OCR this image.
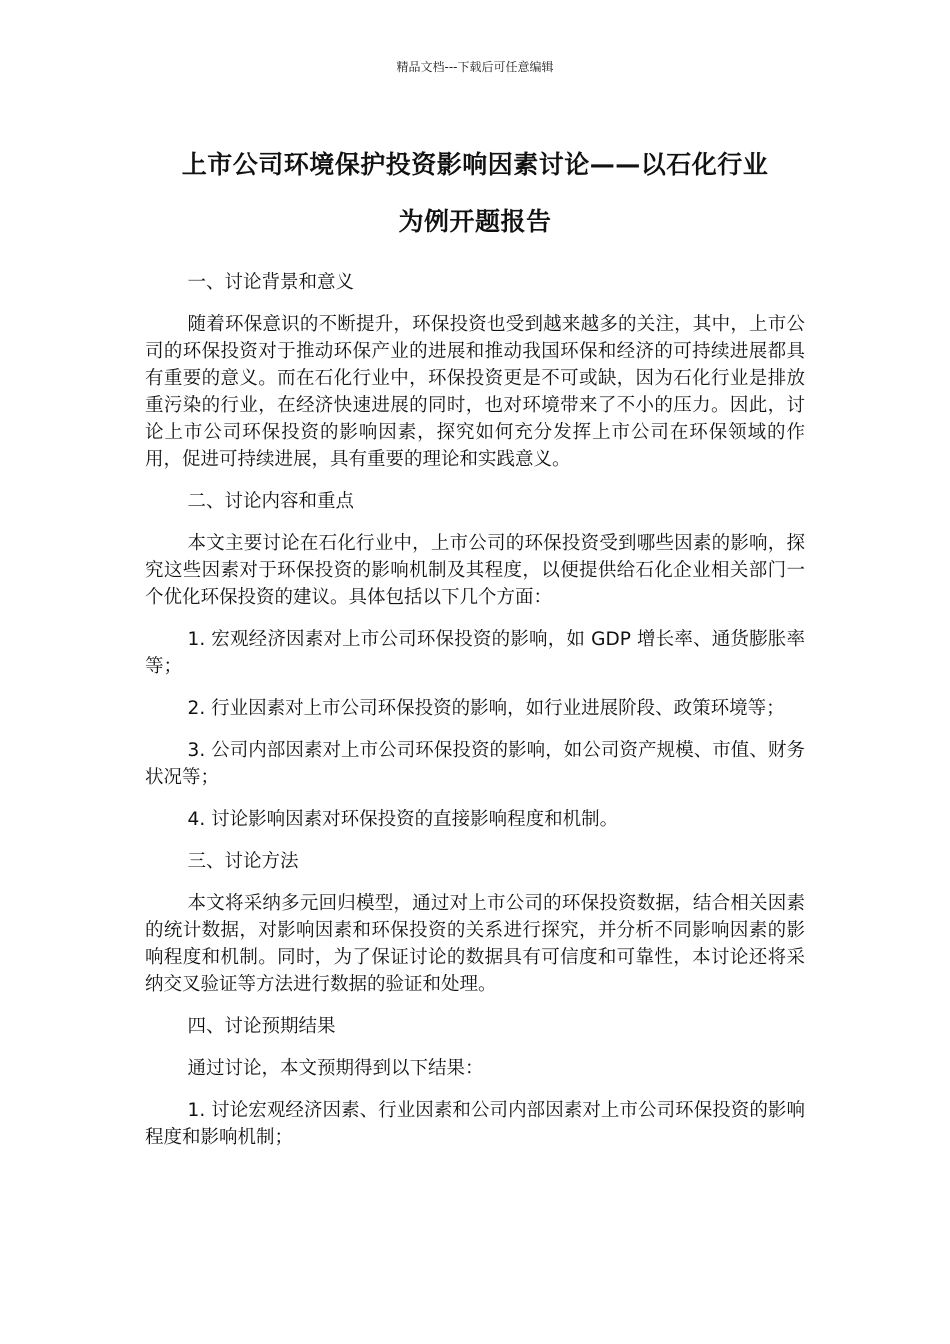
精品文档---下载后可任意编辑
上市公司环境保护投资影响因素讨论——以石化行业
为例开题报告

一、讨论背景和意义

随着环保意识的不断提升，环保投资也受到越来越多的关注，其中，上市公司的环保投资对于推动环保产业的进展和推动我国环保和经济的可持续进展都具有重要的意义。而在石化行业中，环保投资更是不可或缺，因为石化行业是排放重污染的行业，在经济快速进展的同时，也对环境带来了不小的压力。因此，讨论上市公司环保投资的影响因素，探究如何充分发挥上市公司在环保领域的作用，促进可持续进展，具有重要的理论和实践意义。

二、讨论内容和重点

本文主要讨论在石化行业中，上市公司的环保投资受到哪些因素的影响，探究这些因素对于环保投资的影响机制及其程度，以便提供给石化企业相关部门一个优化环保投资的建议。具体包括以下几个方面：

1. 宏观经济因素对上市公司环保投资的影响，如 GDP 增长率、通货膨胀率等；

2. 行业因素对上市公司环保投资的影响，如行业进展阶段、政策环境等；

3. 公司内部因素对上市公司环保投资的影响，如公司资产规模、市值、财务状况等；

4. 讨论影响因素对环保投资的直接影响程度和机制。

三、讨论方法

本文将采纳多元回归模型，通过对上市公司的环保投资数据，结合相关因素的统计数据，对影响因素和环保投资的关系进行探究，并分析不同影响因素的影响程度和机制。同时，为了保证讨论的数据具有可信度和可靠性，本讨论还将采纳交叉验证等方法进行数据的验证和处理。

四、讨论预期结果

通过讨论，本文预期得到以下结果：

1. 讨论宏观经济因素、行业因素和公司内部因素对上市公司环保投资的影响程度和影响机制；
